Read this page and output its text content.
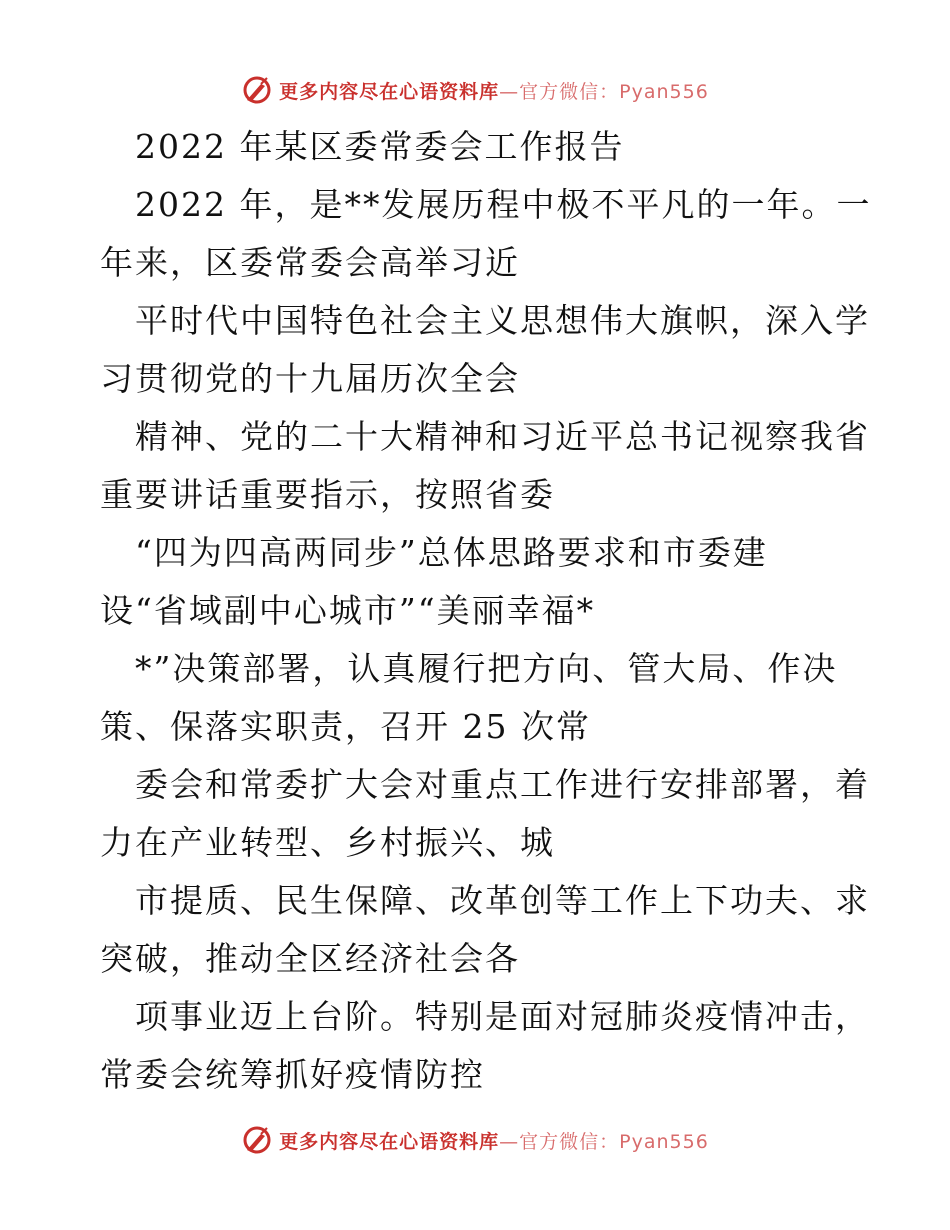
更多内容尽在心语资料库—官方微信：Pyan556
2022 年某区委常委会工作报告
2022 年，是**发展历程中极不平凡的一年。一
年来，区委常委会高举习近
平时代中国特色社会主义思想伟大旗帜，深入学
习贯彻党的十九届历次全会
精神、党的二十大精神和习近平总书记视察我省
重要讲话重要指示，按照省委
“四为四高两同步”总体思路要求和市委建
设“省域副中心城市”“美丽幸福*
*”决策部署，认真履行把方向、管大局、作决
策、保落实职责，召开 25 次常
委会和常委扩大会对重点工作进行安排部署，着
力在产业转型、乡村振兴、城
市提质、民生保障、改革创等工作上下功夫、求
突破，推动全区经济社会各
项事业迈上台阶。特别是面对冠肺炎疫情冲击，
常委会统筹抓好疫情防控
更多内容尽在心语资料库—官方微信：Pyan556
